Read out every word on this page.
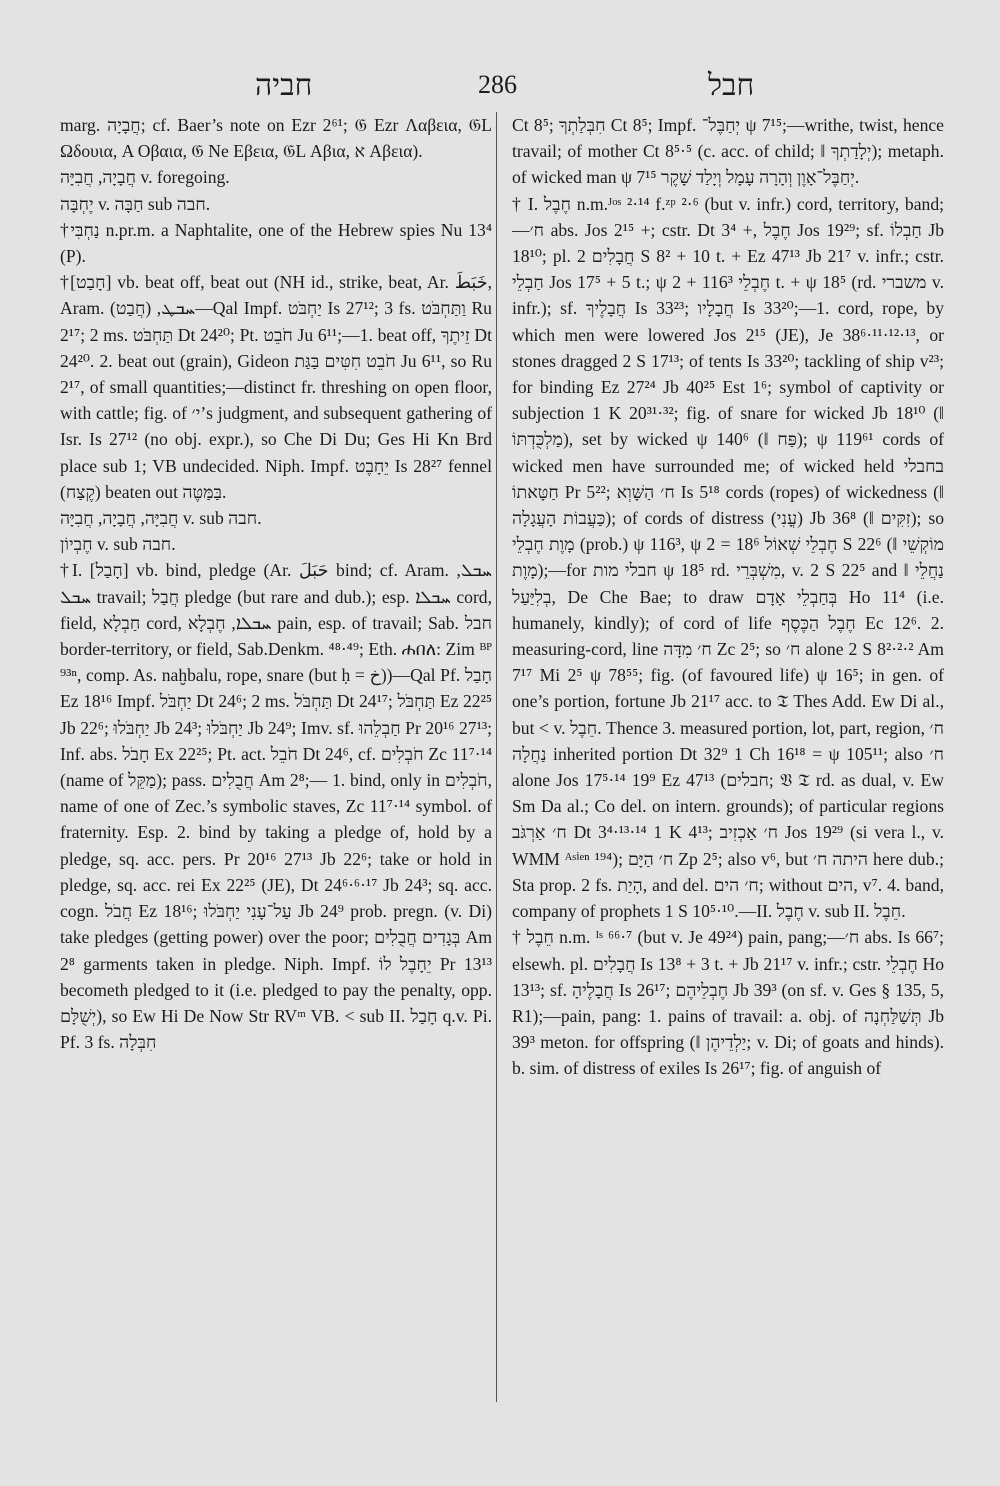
חביה	286	חבל

marg. חֲבָיָה; cf. Baer’s note on Ezr 2⁶¹; 𝔊 Ezr Λαβεια, 𝔊L Ωδουια, A Οβαια, 𝔊 Ne Εβεια, 𝔊L Αβια, א Αβεια).

חֲבָיָה, חֲבִיָּה v. foregoing.

יֶחְבָּה v. חַבָּה sub חבה.

†נַחְבִּי n.pr.m. a Naphtalite, one of the Hebrew spies Nu 13⁴ (P).

†[חָבַט] vb. beat off, beat out (NH id., strike, beat, Ar. خَبَطَ, Aram. ܚܒܛ, (חֲבַט)—Qal Impf. יַחְבֹּט Is 27¹²; 3 fs. וַתַּחְבֹּט Ru 2¹⁷; 2 ms. תַּחְבֹּט Dt 24²⁰; Pt. חֹבֵט Ju 6¹¹;—1. beat off, זֵיתֶךָ Dt 24²⁰. 2. beat out (grain), Gideon חֹבֵט חִטִּים בַּגַּת Ju 6¹¹, so Ru 2¹⁷, of small quantities;—distinct fr. threshing on open floor, with cattle; fig. of י׳’s judgment, and subsequent gathering of Isr. Is 27¹² (no obj. expr.), so Che Di Du; Ges Hi Kn Brd place sub 1; VB undecided. Niph. Impf. יֵחָבֶט Is 28²⁷ fennel (קֶצַח) beaten out בַּמַּטֶּה.

חֲבִיָּה, חֲבָיָה, חֲבִיָּה v. sub חבה.

חֶבְיוֹן v. sub חבה.

†I. [חָבַל] vb. bind, pledge (Ar. حَبَلَ bind; cf. Aram. ܚܒܠ, ܚܒܠ travail; חֲבַל pledge (but rare and dub.); esp. ܚܒܠܐ cord, field, חַבְלָא cord, ܚܒܠܐ, חֶבְלָא pain, esp. of travail; Sab. חבל border-territory, or field, Sab.Denkm. ⁴⁸·⁴⁹; Eth. ሐበለ: Zim ᴮᴾ ⁹³ⁿ, comp. As. naḫbalu, rope, snare (but ḥ = خ))—Qal Pf. חָבַל Ez 18¹⁶ Impf. יַחְבֹּל Dt 24⁶; 2 ms. תַּחְבֹּל Dt 24¹⁷; תַּחְבֹּל Ez 22²⁵ Jb 22⁶; יַחְבֹּלוּ Jb 24³; יַחְבֹּלוּ Jb 24⁹; Imv. sf. חַבְלֵהוּ Pr 20¹⁶ 27¹³; Inf. abs. חָבֹל Ex 22²⁵; Pt. act. חֹבֵל Dt 24⁶, cf. חֹבְלִים Zc 11⁷·¹⁴ (name of מַקֵּל); pass. חֲבֻלִים Am 2⁸;— 1. bind, only in חֹבְלִים, name of one of Zec.’s symbolic staves, Zc 11⁷·¹⁴ symbol. of fraternity. Esp. 2. bind by taking a pledge of, hold by a pledge, sq. acc. pers. Pr 20¹⁶ 27¹³ Jb 22⁶; take or hold in pledge, sq. acc. rei Ex 22²⁵ (JE), Dt 24⁶·⁶·¹⁷ Jb 24³; sq. acc. cogn. חֲבֹל Ez 18¹⁶; עַל־עָנִי יַחְבֹּלוּ Jb 24⁹ prob. pregn. (v. Di) take pledges (getting power) over the poor; בְּגָדִים חֲבֻלִים Am 2⁸ garments taken in pledge. Niph. Impf. יֵחָבֶל לוֹ Pr 13¹³ becometh pledged to it (i.e. pledged to pay the penalty, opp. יְשֻׁלָּם), so Ew Hi De Now Str RVᵐ VB. < sub II. חָבַל q.v. Pi. Pf. 3 fs. חִבְּלָה

Ct 8⁵; חִבְּלַתְךָ Ct 8⁵; Impf. יְחַבֶּל־ ψ 7¹⁵;—writhe, twist, hence travail; of mother Ct 8⁵·⁵ (c. acc. of child; ‖ יְלָדַתְךָ); metaph. of wicked man ψ 7¹⁵ יְחַבֶּל־אָוֶן וְהָרָה עָמָל וְיָלַד שָׁקֶר.

† I. חֶבֶל n.m.ᴶᵒˢ ²·¹⁴ f.ᶻᵖ ²·⁶ (but v. infr.) cord, territory, band;—ח׳ abs. Jos 2¹⁵ +; cstr. Dt 3⁴ +, חֶבֶל Jos 19²⁹; sf. חַבְלוֹ Jb 18¹⁰; pl. חֲבָלִים 2 S 8² + 10 t. + Ez 47¹³ Jb 21⁷ v. infr.; cstr. חַבְלֵי Jos 17⁵ + 5 t.; ψ חֶבְלֵי 116³ + 2 t. + ψ 18⁵ (rd. משברי v. infr.); sf. חֲבָלֶיךָ Is 33²³; חֲבָלָיו Is 33²⁰;—1. cord, rope, by which men were lowered Jos 2¹⁵ (JE), Je 38⁶·¹¹·¹²·¹³, or stones dragged 2 S 17¹³; of tents Is 33²⁰; tackling of ship v²³; for binding Ez 27²⁴ Jb 40²⁵ Est 1⁶; symbol of captivity or subjection 1 K 20³¹·³²; fig. of snare for wicked Jb 18¹⁰ (‖ מַלְכֻּדְתּוֹ), set by wicked ψ 140⁶ (‖ פַּח); ψ 119⁶¹ cords of wicked men have surrounded me; of wicked held בחבלי חַטָּאתוֹ Pr 5²²; ח׳ הַשָּׁוְא Is 5¹⁸ cords (ropes) of wickedness (‖ כַּעֲבוֹת הָעֲגָלָה); of cords of distress (עֳנִי) Jb 36⁸ (‖ זִקִּים); so מָוֶת חֶבְלֵי (prob.) ψ 116³, ψ חֶבְלֵי שְׁאוֹל 18⁶ = 2 S 22⁶ (‖ מוֹקְשֵׁי מָוֶת);—for חבלי מות ψ 18⁵ rd. מִשְׁבְּרֵי, v. 2 S 22⁵ and ‖ נַחֲלֵי בְלִיַּעַל, De Che Bae; to draw בְּחַבְלֵי אָדָם Ho 11⁴ (i.e. humanely, kindly); of cord of life חֶבֶל הַכֶּסֶף Ec 12⁶. 2. measuring-cord, line ח׳ מִדָּה Zc 2⁵; so ח׳ alone 2 S 8²·²·² Am 7¹⁷ Mi 2⁵ ψ 78⁵⁵; fig. (of favoured life) ψ 16⁵; in gen. of one’s portion, fortune Jb 21¹⁷ acc. to 𝔗 Thes Add. Ew Di al., but < v. חֵבֶל. Thence 3. measured portion, lot, part, region, ח׳ נַחֲלָה inherited portion Dt 32⁹ 1 Ch 16¹⁸ = ψ 105¹¹; also ח׳ alone Jos 17⁵·¹⁴ 19⁹ Ez 47¹³ (חבלים; 𝔙 𝔗 rd. as dual, v. Ew Sm Da al.; Co del. on intern. grounds); of particular regions ח׳ אַרְגֹּב Dt 3⁴·¹³·¹⁴ 1 K 4¹³; ח׳ אַכְזִיב Jos 19²⁹ (si vera l., v. WMM ᴬˢⁱᵉⁿ ¹⁹⁴); ח׳ הַיָּם Zp 2⁵; also v⁶, but היתה ח׳ here dub.; Sta prop. 2 fs. הָיַת, and del. ח׳ הים; without הים, v⁷. 4. band, company of prophets 1 S 10⁵·¹⁰.—II. חֶבֶל v. sub II. חֵבֶל.

† חֵבֶל n.m. ᴵˢ ⁶⁶·⁷ (but v. Je 49²⁴) pain, pang;—ח׳ abs. Is 66⁷; elsewh. pl. חֲבָלִים Is 13⁸ + 3 t. + Jb 21¹⁷ v. infr.; cstr. חֶבְלֵי Ho 13¹³; sf. חֲבָלֶיהָ Is 26¹⁷; חֶבְלֵיהֶם Jb 39³ (on sf. v. Ges § 135, 5, R1);—pain, pang: 1. pains of travail: a. obj. of תְּשַׁלַּחְנָה Jb 39³ meton. for offspring (‖ יַלְדֵיהֶן; v. Di; of goats and hinds). b. sim. of distress of exiles Is 26¹⁷; fig. of anguish of
